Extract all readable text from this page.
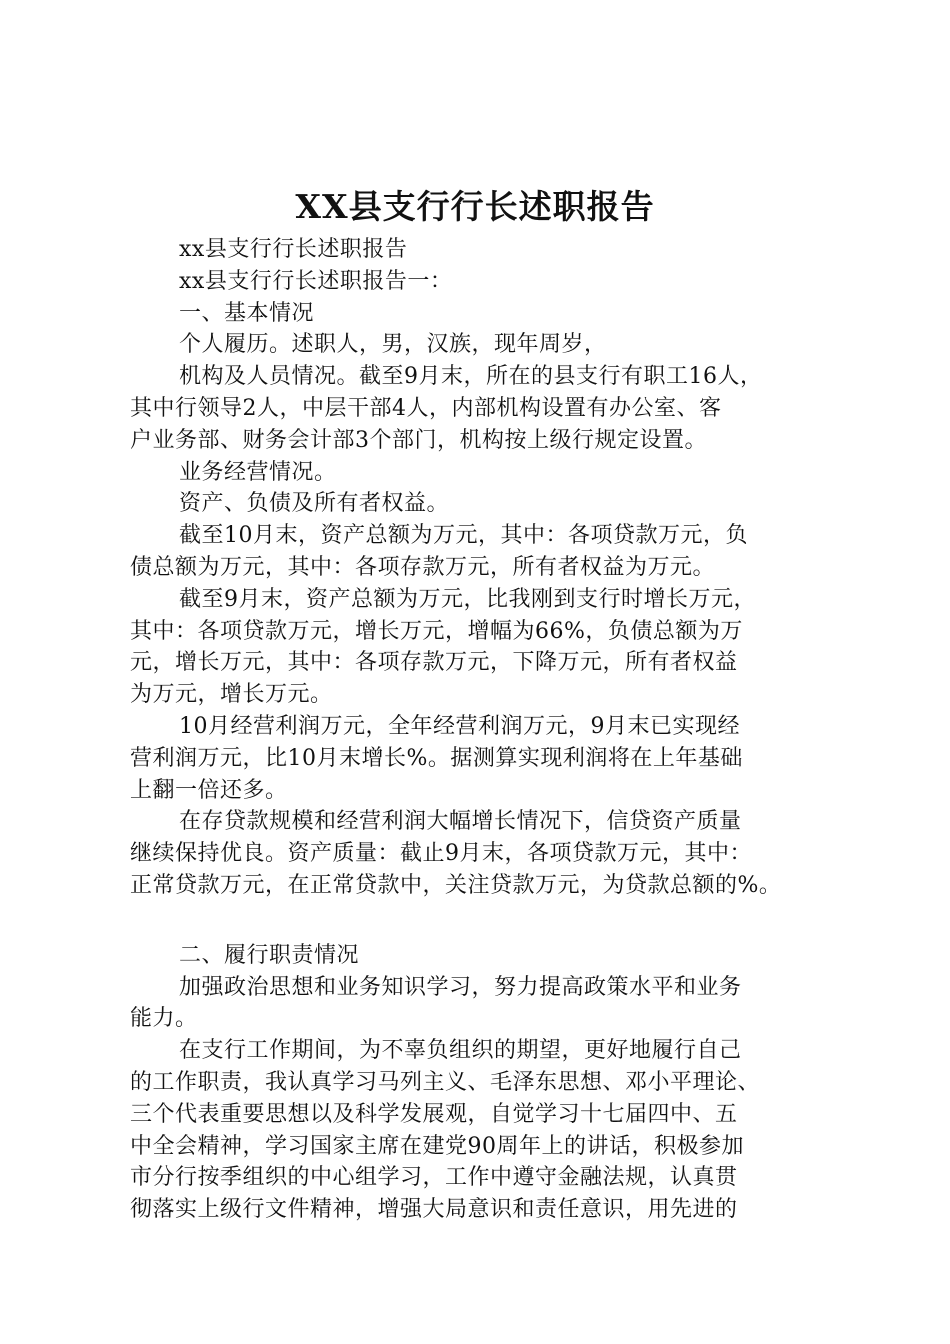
XX县支行行长述职报告
xx县支行行长述职报告
xx县支行行长述职报告一：
一、基本情况
个人履历。述职人，男，汉族，现年周岁，
机构及人员情况。截至9月末，所在的县支行有职工16人，
其中行领导2人，中层干部4人，内部机构设置有办公室、客
户业务部、财务会计部3个部门，机构按上级行规定设置。
业务经营情况。
资产、负债及所有者权益。
截至10月末，资产总额为万元，其中：各项贷款万元，负
债总额为万元，其中：各项存款万元，所有者权益为万元。
截至9月末，资产总额为万元，比我刚到支行时增长万元，
其中：各项贷款万元，增长万元，增幅为66%，负债总额为万
元，增长万元，其中：各项存款万元，下降万元，所有者权益
为万元，增长万元。
10月经营利润万元，全年经营利润万元，9月末已实现经
营利润万元，比10月末增长%。据测算实现利润将在上年基础
上翻一倍还多。
在存贷款规模和经营利润大幅增长情况下，信贷资产质量
继续保持优良。资产质量：截止9月末，各项贷款万元，其中：
正常贷款万元，在正常贷款中，关注贷款万元，为贷款总额的%。
二、履行职责情况
加强政治思想和业务知识学习，努力提高政策水平和业务
能力。
在支行工作期间，为不辜负组织的期望，更好地履行自己
的工作职责，我认真学习马列主义、毛泽东思想、邓小平理论、
三个代表重要思想以及科学发展观，自觉学习十七届四中、五
中全会精神，学习国家主席在建党90周年上的讲话，积极参加
市分行按季组织的中心组学习，工作中遵守金融法规，认真贯
彻落实上级行文件精神，增强大局意识和责任意识，用先进的
